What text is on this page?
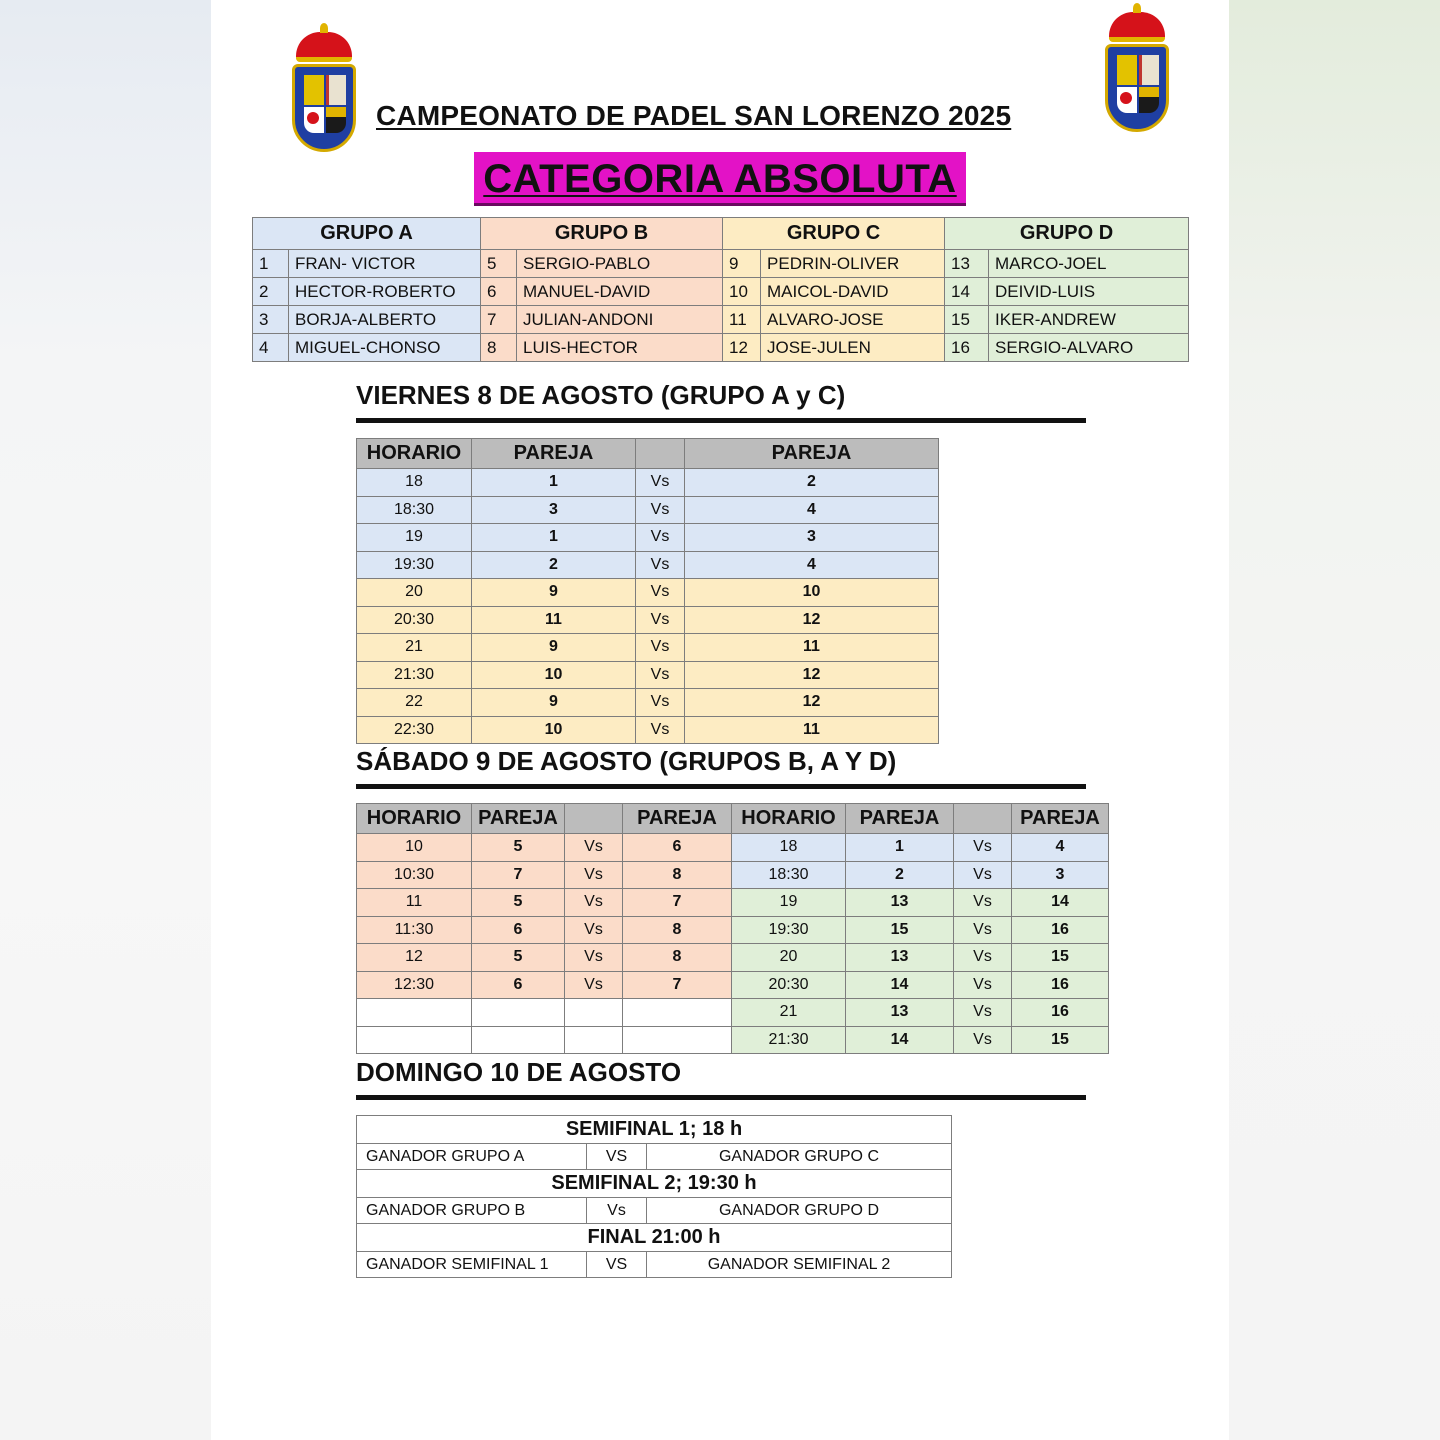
CAMPEONATO DE PADEL SAN LORENZO 2025
CATEGORIA ABSOLUTA
GRUPO A		GRUPO B		GRUPO C		GRUPO D	
1	FRAN- VICTOR	5	SERGIO-PABLO	9	PEDRIN-OLIVER	13	MARCO-JOEL
2	HECTOR-ROBERTO	6	MANUEL-DAVID	10	MAICOL-DAVID	14	DEIVID-LUIS
3	BORJA-ALBERTO	7	JULIAN-ANDONI	11	ALVARO-JOSE	15	IKER-ANDREW
4	MIGUEL-CHONSO	8	LUIS-HECTOR	12	JOSE-JULEN	16	SERGIO-ALVARO
VIERNES 8 DE AGOSTO (GRUPO A y C)
HORARIO	PAREJA		PAREJA
18	1	Vs	2
18:30	3	Vs	4
19	1	Vs	3
19:30	2	Vs	4
20	9	Vs	10
20:30	11	Vs	12
21	9	Vs	11
21:30	10	Vs	12
22	9	Vs	12
22:30	10	Vs	11
SÁBADO 9 DE AGOSTO (GRUPOS B, A Y D)
HORARIO	PAREJA		PAREJA	HORARIO	PAREJA		PAREJA
10	5	Vs	6	18	1	Vs	4
10:30	7	Vs	8	18:30	2	Vs	3
11	5	Vs	7	19	13	Vs	14
11:30	6	Vs	8	19:30	15	Vs	16
12	5	Vs	8	20	13	Vs	15
12:30	6	Vs	7	20:30	14	Vs	16
				21	13	Vs	16
				21:30	14	Vs	15
DOMINGO 10 DE AGOSTO
SEMIFINAL 1; 18 h		
GANADOR GRUPO A	VS	GANADOR GRUPO C
SEMIFINAL 2; 19:30 h		
GANADOR GRUPO B	Vs	GANADOR GRUPO D
FINAL 21:00 h		
GANADOR SEMIFINAL 1	VS	GANADOR SEMIFINAL 2
